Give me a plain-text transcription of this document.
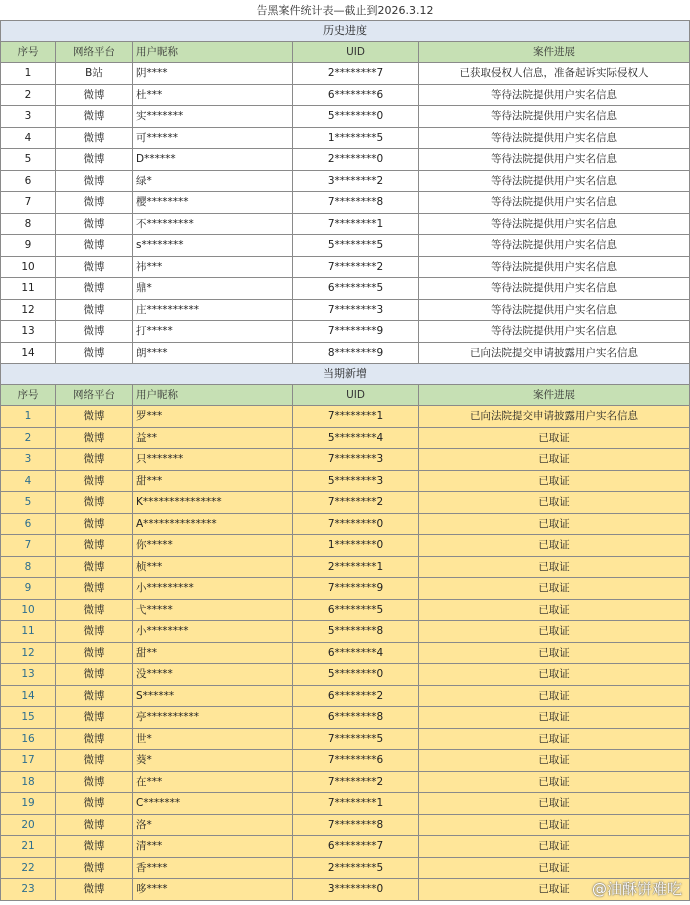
告黑案件统计表—截止到2026.3.12
历史进度				
序号	网络平台	用户昵称	UID	案件进展
1	B站	阴****	2********7	已获取侵权人信息，准备起诉实际侵权人
2	微博	杜***	6********6	等待法院提供用户实名信息
3	微博	实*******	5********0	等待法院提供用户实名信息
4	微博	可******	1********5	等待法院提供用户实名信息
5	微博	D******	2********0	等待法院提供用户实名信息
6	微博	绿*	3********2	等待法院提供用户实名信息
7	微博	樱********	7********8	等待法院提供用户实名信息
8	微博	不*********	7********1	等待法院提供用户实名信息
9	微博	s********	5********5	等待法院提供用户实名信息
10	微博	祎***	7********2	等待法院提供用户实名信息
11	微博	鼎*	6********5	等待法院提供用户实名信息
12	微博	庄**********	7********3	等待法院提供用户实名信息
13	微博	打*****	7********9	等待法院提供用户实名信息
14	微博	朗****	8********9	已向法院提交申请披露用户实名信息
当期新增				
序号	网络平台	用户昵称	UID	案件进展
1	微博	罗***	7********1	已向法院提交申请披露用户实名信息
2	微博	益**	5********4	已取证
3	微博	只*******	7********3	已取证
4	微博	甜***	5********3	已取证
5	微博	K***************	7********2	已取证
6	微博	A**************	7********0	已取证
7	微博	你*****	1********0	已取证
8	微博	桢***	2********1	已取证
9	微博	小*********	7********9	已取证
10	微博	弋*****	6********5	已取证
11	微博	小********	5********8	已取证
12	微博	甜**	6********4	已取证
13	微博	没*****	5********0	已取证
14	微博	S******	6********2	已取证
15	微博	亭**********	6********8	已取证
16	微博	世*	7********5	已取证
17	微博	葵*	7********6	已取证
18	微博	在***	7********2	已取证
19	微博	C*******	7********1	已取证
20	微博	洛*	7********8	已取证
21	微博	清***	6********7	已取证
22	微博	香****	2********5	已取证
23	微博	哆****	3********0	已取证 @油酥饼难吃
